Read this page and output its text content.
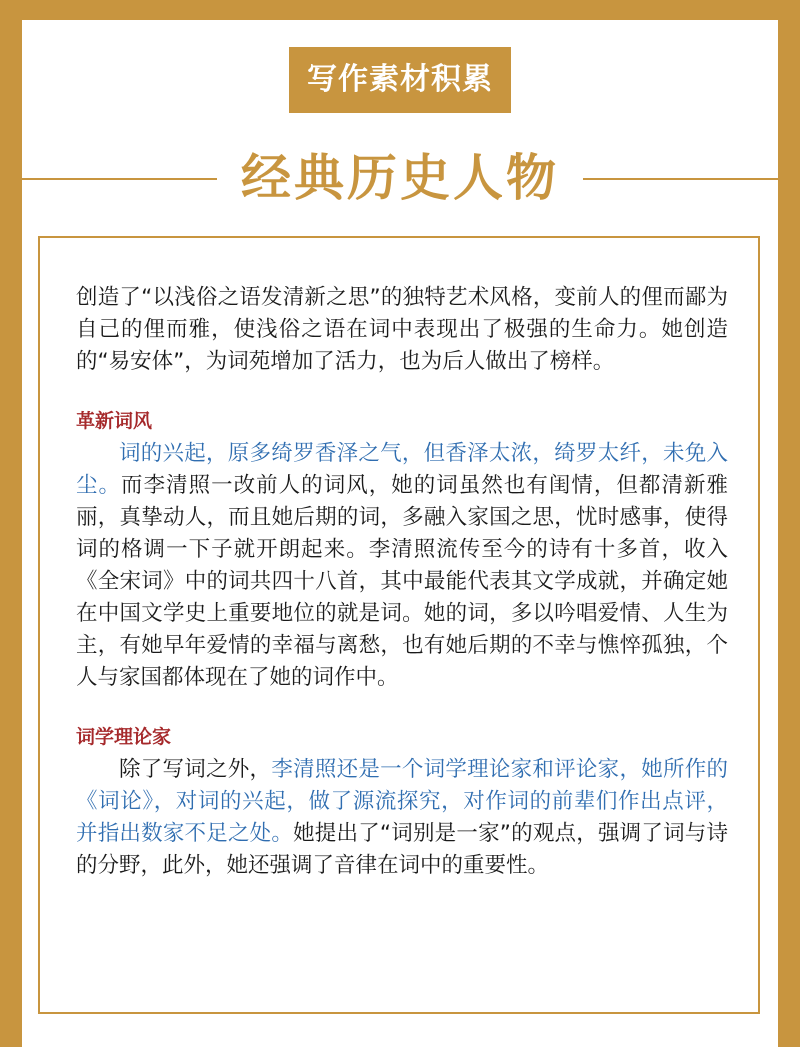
写作素材积累
经典历史人物

创造了“以浅俗之语发清新之思”的独特艺术风格，变前人的俚而鄙为自己的俚而雅，使浅俗之语在词中表现出了极强的生命力。她创造的“易安体”，为词苑增加了活力，也为后人做出了榜样。

革新词风

词的兴起，原多绮罗香泽之气，但香泽太浓，绮罗太纤，未免入尘。而李清照一改前人的词风，她的词虽然也有闺情，但都清新雅丽，真挚动人，而且她后期的词，多融入家国之思，忧时感事，使得词的格调一下子就开朗起来。李清照流传至今的诗有十多首，收入《全宋词》中的词共四十八首，其中最能代表其文学成就，并确定她在中国文学史上重要地位的就是词。她的词，多以吟唱爱情、人生为主，有她早年爱情的幸福与离愁，也有她后期的不幸与憔悴孤独，个人与家国都体现在了她的词作中。

词学理论家

除了写词之外，李清照还是一个词学理论家和评论家，她所作的《词论》，对词的兴起，做了源流探究，对作词的前辈们作出点评，并指出数家不足之处。她提出了“词别是一家”的观点，强调了词与诗的分野，此外，她还强调了音律在词中的重要性。
